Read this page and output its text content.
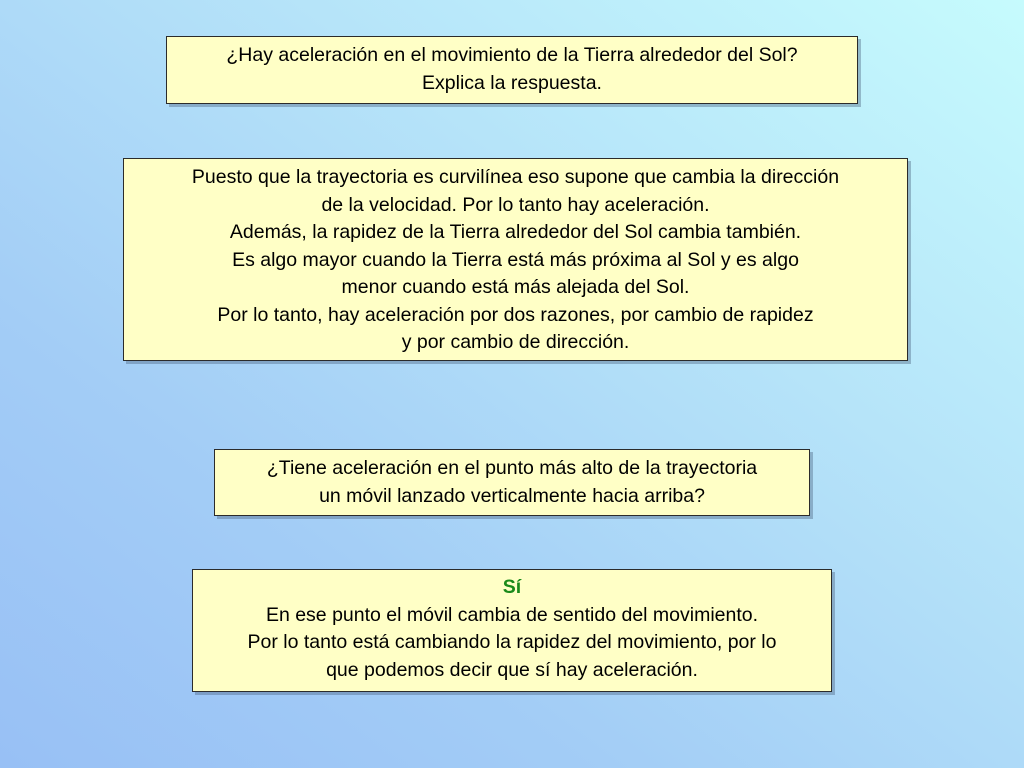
¿Hay aceleración en el movimiento de la Tierra alrededor del Sol?

Explica la respuesta.

Puesto que la trayectoria es curvilínea eso supone que cambia la dirección

de la velocidad. Por lo tanto hay aceleración.

Además, la rapidez de la Tierra alrededor del Sol cambia también.

Es algo mayor cuando la Tierra está más próxima al Sol y es algo

menor cuando está más alejada del Sol.

Por lo tanto, hay aceleración por dos razones, por cambio de rapidez

y por cambio de dirección.

¿Tiene aceleración en el punto más alto de la trayectoria

un móvil lanzado verticalmente hacia arriba?

Sí

En ese punto el móvil cambia de sentido del movimiento.

Por lo tanto está cambiando la rapidez del movimiento, por lo

que podemos decir que sí hay aceleración.
